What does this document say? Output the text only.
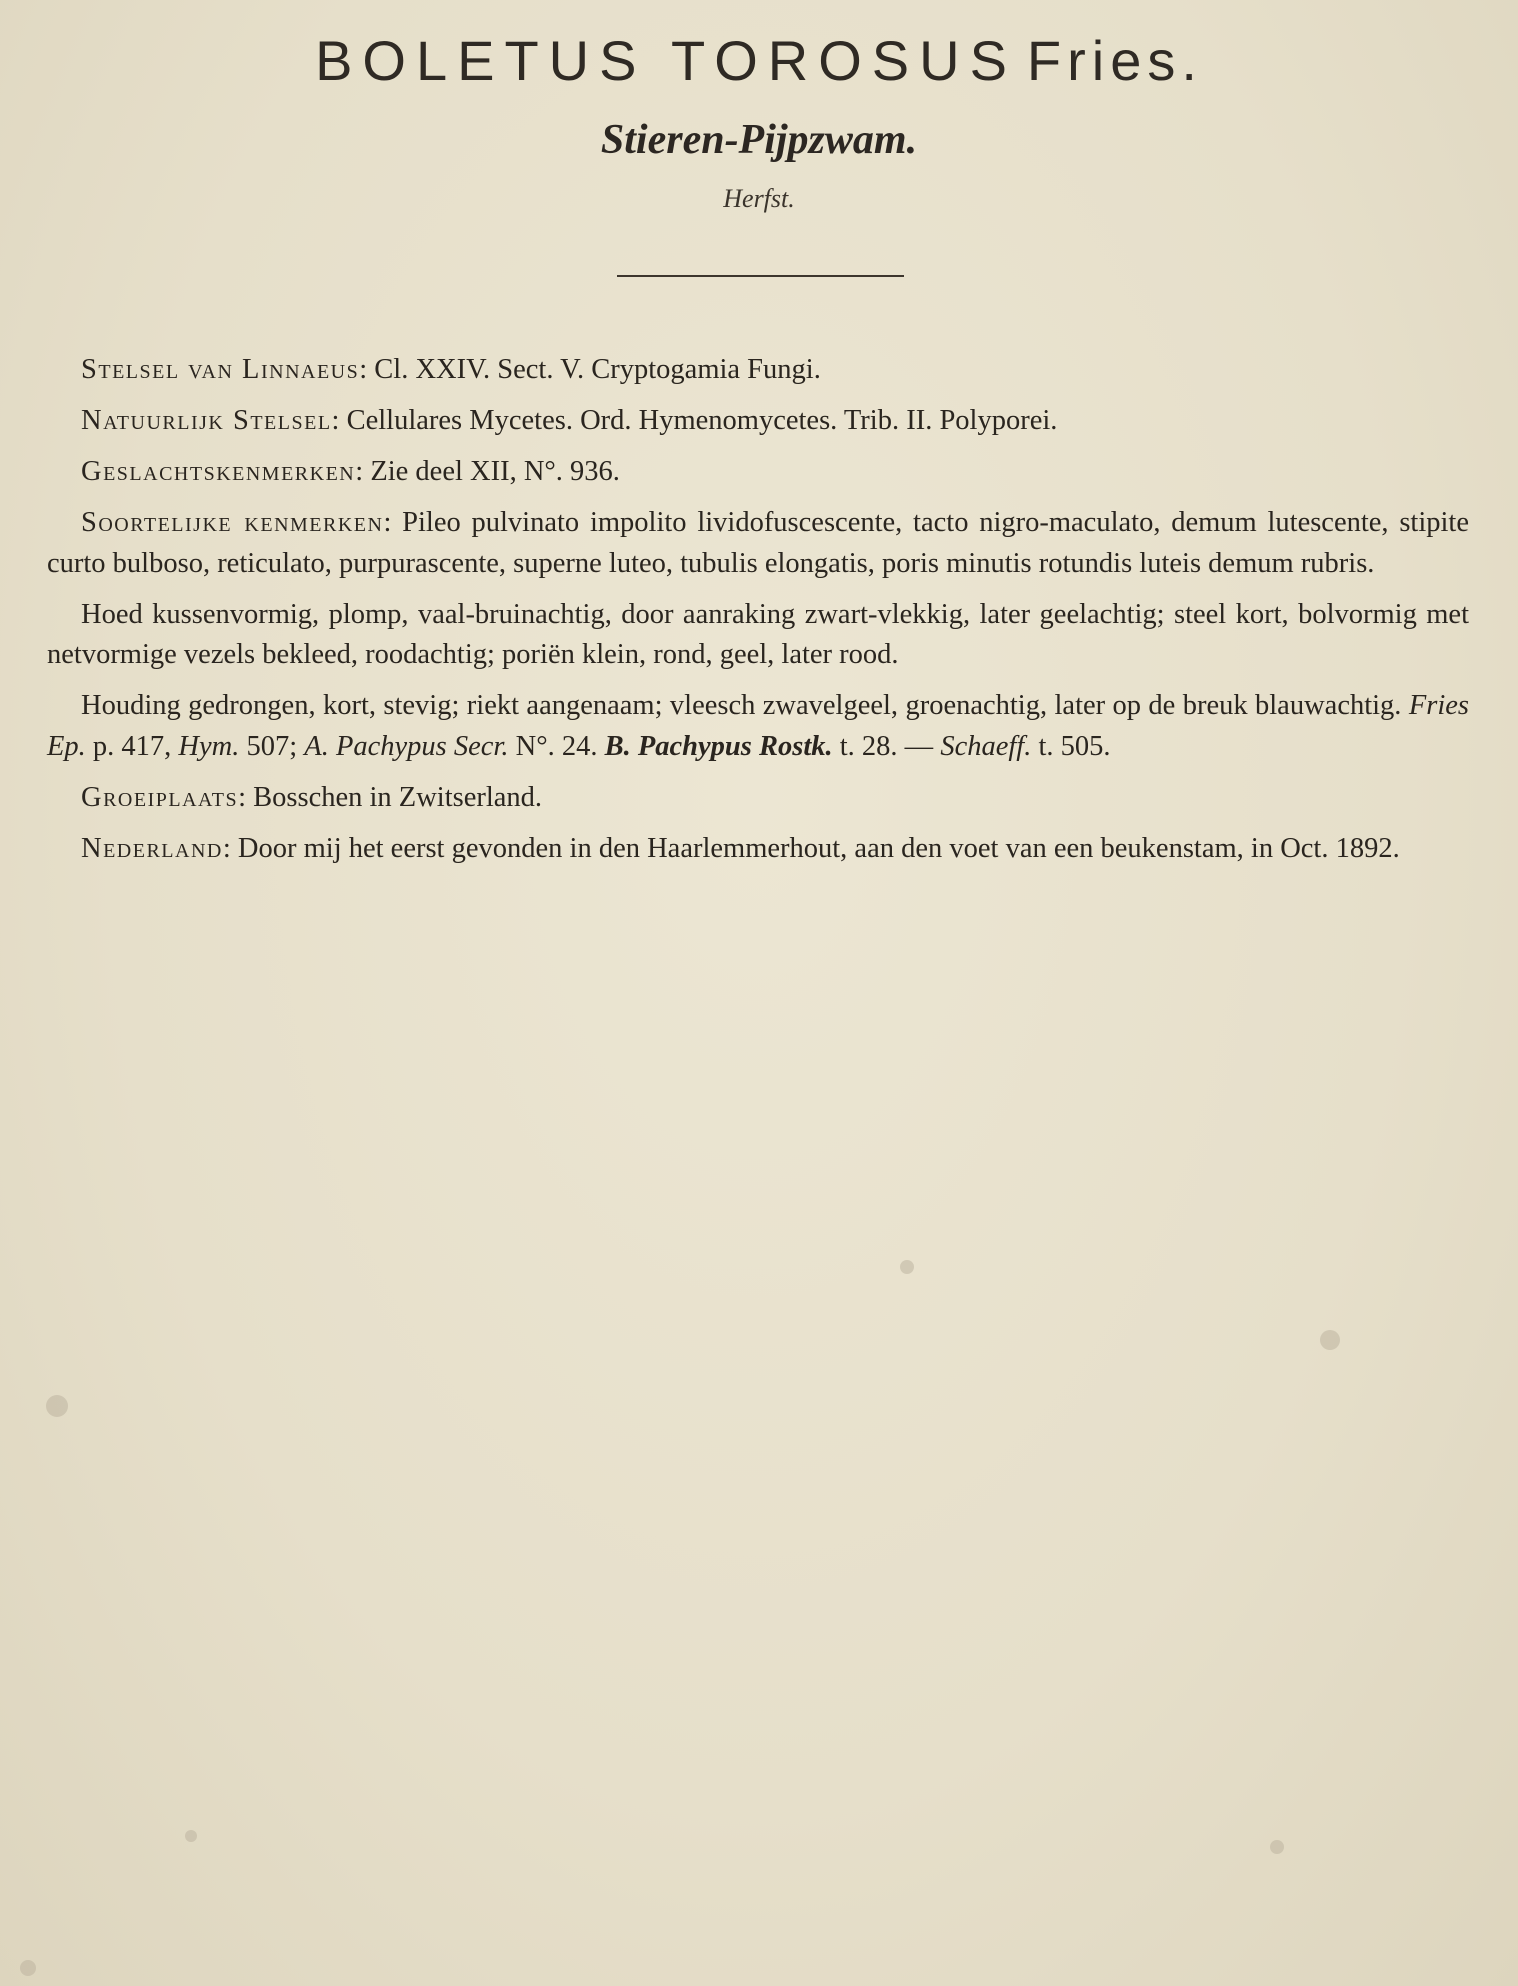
BOLETUS TOROSUS Fries.
Stieren-Pijpzwam.
Herfst.

Stelsel van Linnaeus: Cl. XXIV. Sect. V. Cryptogamia Fungi.

Natuurlijk Stelsel: Cellulares Mycetes. Ord. Hymenomycetes. Trib. II. Polyporei.

Geslachtskenmerken: Zie deel XII, N°. 936.

Soortelijke kenmerken: Pileo pulvinato impolito lividofuscescente, tacto nigro-maculato, demum lutescente, stipite curto bulboso, reticulato, purpurascente, superne luteo, tubulis elongatis, poris minutis rotundis luteis demum rubris.

Hoed kussenvormig, plomp, vaal-bruinachtig, door aanraking zwart-vlekkig, later geelachtig; steel kort, bolvormig met netvormige vezels bekleed, roodachtig; poriën klein, rond, geel, later rood.

Houding gedrongen, kort, stevig; riekt aangenaam; vleesch zwavelgeel, groenachtig, later op de breuk blauwachtig. Fries Ep. p. 417, Hym. 507; A. Pachypus Secr. N°. 24. B. Pachypus Rostk. t. 28. — Schaeff. t. 505.

Groeiplaats: Bosschen in Zwitserland.

Nederland: Door mij het eerst gevonden in den Haarlemmerhout, aan den voet van een beukenstam, in Oct. 1892.
